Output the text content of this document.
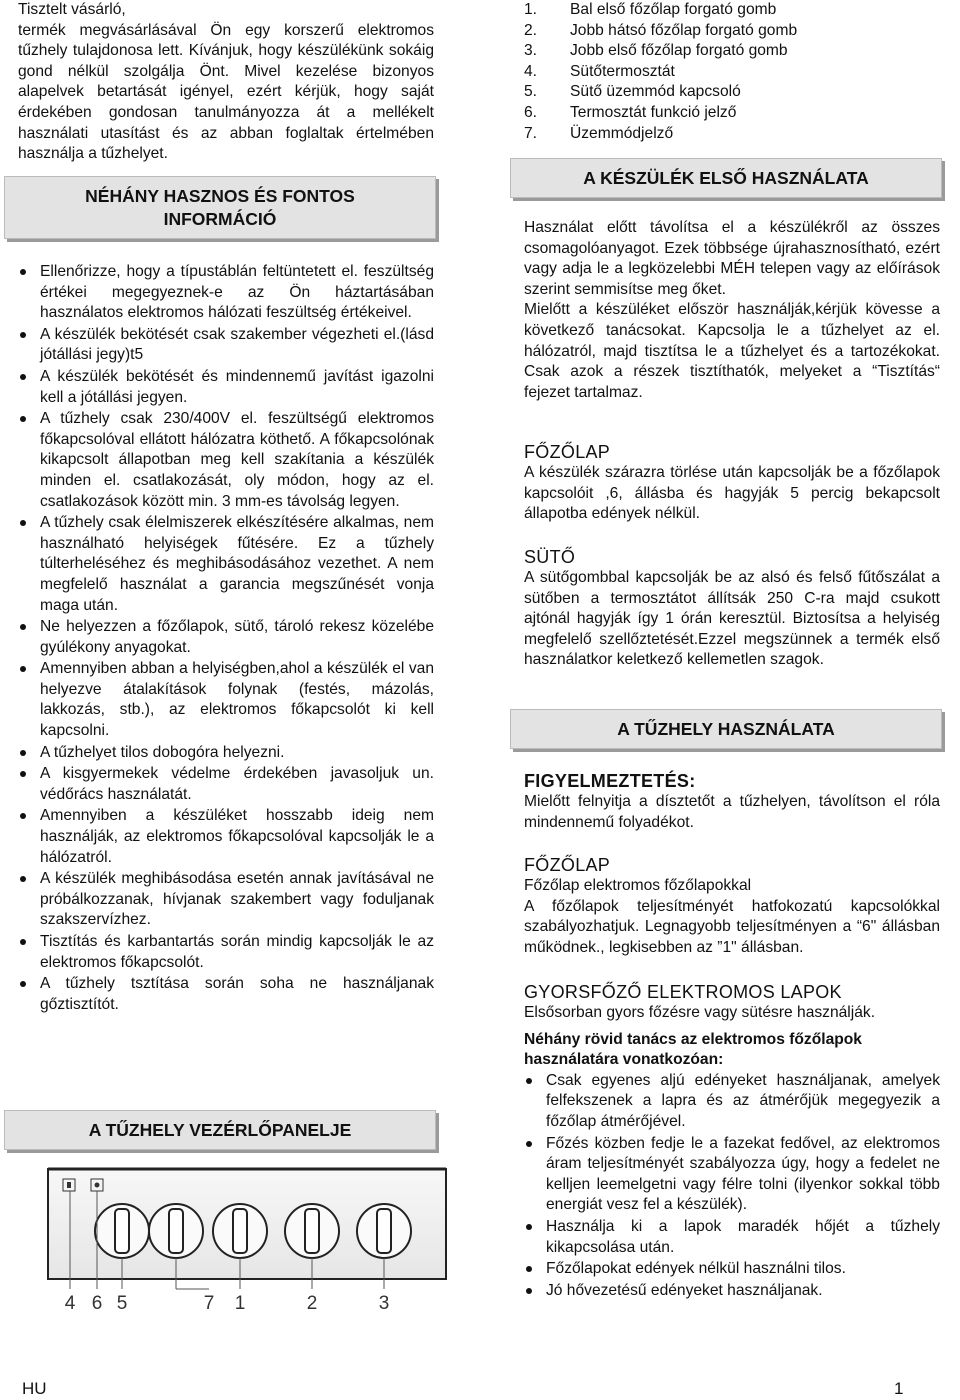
Tisztelt vásárló,

termék megvásárlásával Ön egy korszerű elektromos tűzhely tulajdonosa lett. Kívánjuk, hogy készülékünk sokáig gond nélkül szolgálja Önt. Mivel kezelése bizonyos alapelvek betartását igényel, ezért kérjük, hogy saját érdekében gondosan tanulmányozza át a mellékelt használati utasítást és az abban foglaltak értelmében használja a tűzhelyet.

NÉHÁNY HASZNOS ÉS FONTOS INFORMÁCIÓ
Ellenőrizze, hogy a típustáblán feltüntetett el. feszültség értékei megegyeznek-e az Ön háztartásában használatos elektromos hálózati feszültség értékeivel.
A készülék bekötését csak szakember végezheti el.(lásd jótállási jegy)t5
A készülék bekötését és mindennemű javítást igazolni kell a jótállási jegyen.
A tűzhely csak 230/400V el. feszültségű elektromos főkapcsolóval ellátott hálózatra köthető. A főkapcsolónak kikapcsolt állapotban meg kell szakítania a készülék minden el. csatlakozását, oly módon, hogy az el. csatlakozások között min. 3 mm-es távolság legyen.
A tűzhely csak élelmiszerek elkészítésére alkalmas, nem használható helyiségek fűtésére. Ez a tűzhely túlterheléséhez és meghibásodásához vezethet. A nem megfelelő használat a garancia megszűnését vonja maga után.
Ne helyezzen a főzőlapok, sütő, tároló rekesz közelébe gyúlékony anyagokat.
Amennyiben abban a helyiségben,ahol a készülék el van helyezve átalakítások folynak (festés, mázolás, lakkozás, stb.), az elektromos főkapcsolót ki kell kapcsolni.
A tűzhelyet tilos dobogóra helyezni.
A kisgyermekek védelme érdekében javasoljuk un. védőrács használatát.
Amennyiben a készüléket hosszabb ideig nem használják, az elektromos főkapcsolóval kapcsolják le a hálózatról.
A készülék meghibásodása esetén annak javításával ne próbálkozzanak, hívjanak szakembert vagy foduljanak szakszervízhez.
Tisztítás és karbantartás során mindig kapcsolják le az elektromos főkapcsolót.
A tűzhely tsztítása során soha ne használjanak gőztisztítót.
A TŰZHELY VEZÉRLŐPANELJE
4 6 5	7 1	2	3
1.	Bal első főzőlap forgató gomb
2.	Jobb hátsó főzőlap forgató gomb
3.	Jobb első főzőlap forgató gomb
4.	Sütőtermosztát
5.	Sütő üzemmód kapcsoló
6.	Termosztát funkció jelző
7.	Üzemmódjelző
A KÉSZÜLÉK ELSŐ HASZNÁLATA

Használat előtt távolítsa el a készülékről az összes csomagolóanyagot. Ezek többsége újrahasznosítható, ezért vagy adja le a legközelebbi MÉH telepen vagy az előírások szerint semmisítse meg őket.

Mielőtt a készüléket először használják,kérjük kövesse a következő tanácsokat. Kapcsolja le a tűzhelyet az el. hálózatról, majd tisztítsa le a tűzhelyet és a tartozékokat. Csak azok a részek tisztíthatók, melyeket a “Tisztítás“ fejezet tartalmaz.

FŐZŐLAP

A készülék szárazra törlése után kapcsolják be a főzőlapok kapcsolóit ,6, állásba és hagyják 5 percig bekapcsolt állapotba edények nélkül.

SÜTŐ

A sütőgombbal kapcsolják be az alsó és felső fűtőszálat a sütőben a termosztátot állítsák 250 C-ra majd csukott ajtónál hagyják így 1 órán keresztül. Biztosítsa a helyiség megfelelő szellőztetését.Ezzel megszünnek a termék első használatkor keletkező kellemetlen szagok.

A TŰZHELY HASZNÁLATA

FIGYELMEZTETÉS:

Mielőtt felnyitja a dísztetőt a tűzhelyen, távolítson el róla mindennemű folyadékot.

FŐZŐLAP

Főzőlap elektromos főzőlapokkal

A főzőlapok teljesítményét hatfokozatú kapcsolókkal szabályozhatjuk. Legnagyobb teljesítményen a “6" állásban működnek., legkisebben az ”1" állásban.

GYORSFŐZŐ ELEKTROMOS LAPOK

Elsősorban gyors főzésre vagy sütésre használják.

Néhány rövid tanács az elektromos főzőlapok használatára vonatkozóan:

Csak egyenes aljú edényeket használjanak, amelyek felfekszenek a lapra és az átmérőjük megegyezik a főzőlap átmérőjével.
Főzés közben fedje le a fazekat fedővel, az elektromos áram teljesítményét szabályozza úgy, hogy a fedelet ne kelljen leemelgetni vagy félre tolni (ilyenkor sokkal több energiát vesz fel a készülék).
Használja ki a lapok maradék hőjét a tűzhely kikapcsolása után.
Főzőlapokat edények nélkül használni tilos.
Jó hővezetésű edényeket használjanak.
HU	1
